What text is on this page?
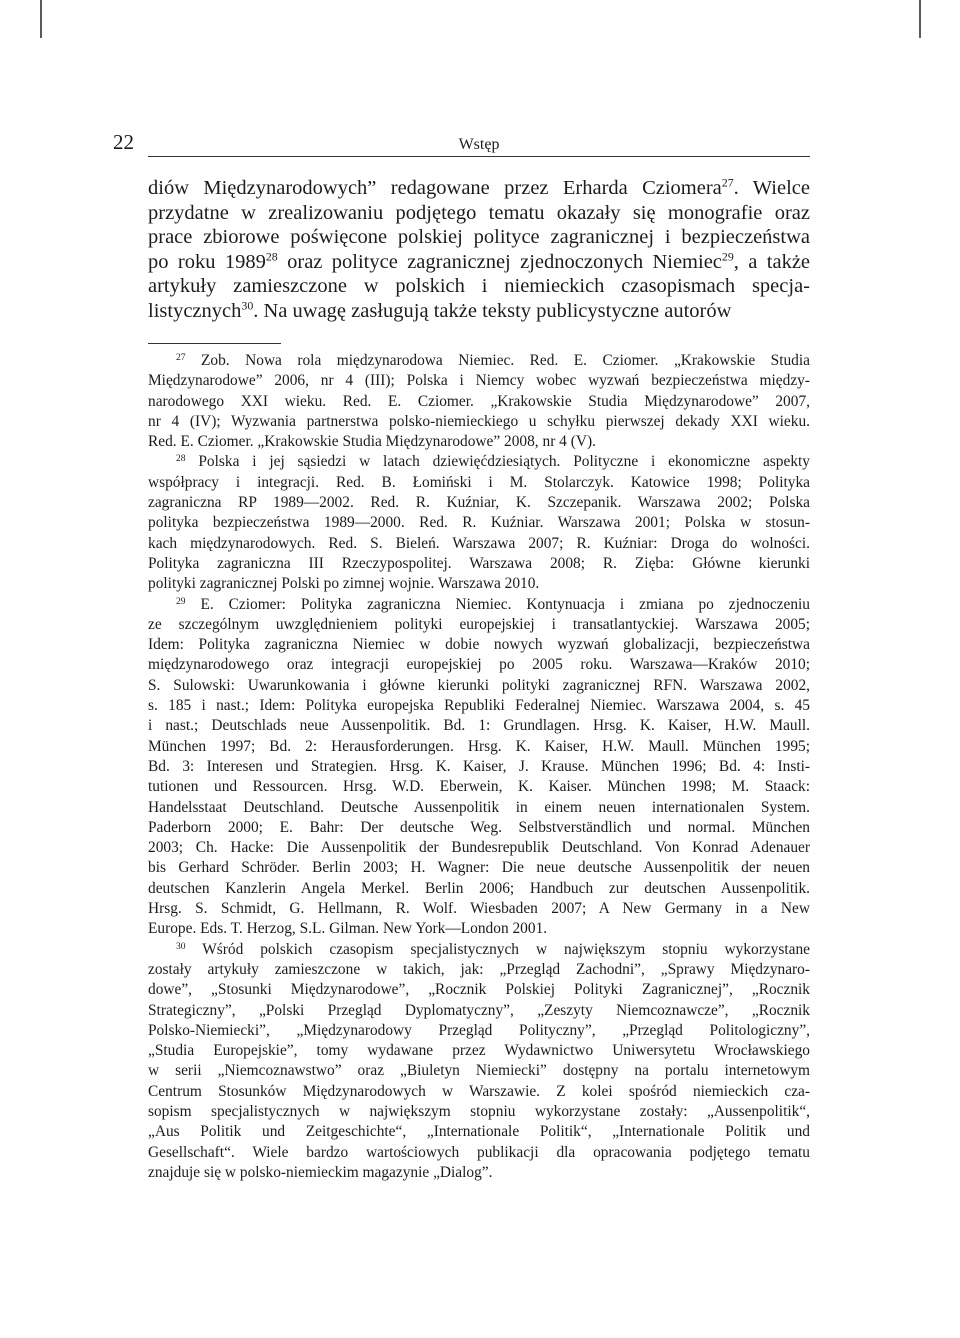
22	Wstęp
diów Międzynarodowych” redagowane przez Erharda Cziomera$^{27}$. Wielce
przydatne w zrealizowaniu podjętego tematu okazały się monografie oraz
prace zbiorowe poświęcone polskiej polityce zagranicznej i bezpieczeństwa
po roku 1989$^{28}$ oraz polityce zagranicznej zjednoczonych Niemiec$^{29}$, a także
artykuły zamieszczone w polskich i niemieckich czasopismach specja-
listycznych$^{30}$. Na uwagę zasługują także teksty publicystyczne autorów
$^{27}$ Zob. Nowa rola międzynarodowa Niemiec. Red. E. Cziomer. „Krakowskie Studia
Międzynarodowe” 2006, nr 4 (III); Polska i Niemcy wobec wyzwań bezpieczeństwa między-
narodowego XXI wieku. Red. E. Cziomer. „Krakowskie Studia Międzynarodowe” 2007,
nr 4 (IV); Wyzwania partnerstwa polsko-niemieckiego u schyłku pierwszej dekady XXI wieku.
Red. E. Cziomer. „Krakowskie Studia Międzynarodowe” 2008, nr 4 (V).
$^{28}$ Polska i jej sąsiedzi w latach dziewięćdziesiątych. Polityczne i ekonomiczne aspekty
współpracy i integracji. Red. B. Łomiński i M. Stolarczyk. Katowice 1998; Polityka
zagraniczna RP 1989—2002. Red. R. Kuźniar, K. Szczepanik. Warszawa 2002; Polska
polityka bezpieczeństwa 1989—2000. Red. R. Kuźniar. Warszawa 2001; Polska w stosun-
kach międzynarodowych. Red. S. Bieleń. Warszawa 2007; R. Kuźniar: Droga do wolności.
Polityka zagraniczna III Rzeczypospolitej. Warszawa 2008; R. Zięba: Główne kierunki
polityki zagranicznej Polski po zimnej wojnie. Warszawa 2010.
$^{29}$ E. Cziomer: Polityka zagraniczna Niemiec. Kontynuacja i zmiana po zjednoczeniu
ze szczególnym uwzględnieniem polityki europejskiej i transatlantyckiej. Warszawa 2005;
Idem: Polityka zagraniczna Niemiec w dobie nowych wyzwań globalizacji, bezpieczeństwa
międzynarodowego oraz integracji europejskiej po 2005 roku. Warszawa—Kraków 2010;
S. Sulowski: Uwarunkowania i główne kierunki polityki zagranicznej RFN. Warszawa 2002,
s. 185 i nast.; Idem: Polityka europejska Republiki Federalnej Niemiec. Warszawa 2004, s. 45
i nast.; Deutschlads neue Aussenpolitik. Bd. 1: Grundlagen. Hrsg. K. Kaiser, H.W. Maull.
München 1997; Bd. 2: Herausforderungen. Hrsg. K. Kaiser, H.W. Maull. München 1995;
Bd. 3: Interesen und Strategien. Hrsg. K. Kaiser, J. Krause. München 1996; Bd. 4: Insti-
tutionen und Ressourcen. Hrsg. W.D. Eberwein, K. Kaiser. München 1998; M. Staack:
Handelsstaat Deutschland. Deutsche Aussenpolitik in einem neuen internationalen System.
Paderborn 2000; E. Bahr: Der deutsche Weg. Selbstverständlich und normal. München
2003; Ch. Hacke: Die Aussenpolitik der Bundesrepublik Deutschland. Von Konrad Adenauer
bis Gerhard Schröder. Berlin 2003; H. Wagner: Die neue deutsche Aussenpolitik der neuen
deutschen Kanzlerin Angela Merkel. Berlin 2006; Handbuch zur deutschen Aussenpolitik.
Hrsg. S. Schmidt, G. Hellmann, R. Wolf. Wiesbaden 2007; A New Germany in a New
Europe. Eds. T. Herzog, S.L. Gilman. New York—London 2001.
$^{30}$ Wśród polskich czasopism specjalistycznych w największym stopniu wykorzystane
zostały artykuły zamieszczone w takich, jak: „Przegląd Zachodni”, „Sprawy Międzynaro-
dowe”, „Stosunki Międzynarodowe”, „Rocznik Polskiej Polityki Zagranicznej”, „Rocznik
Strategiczny”, „Polski Przegląd Dyplomatyczny”, „Zeszyty Niemcoznawcze”, „Rocznik
Polsko-Niemiecki”, „Międzynarodowy Przegląd Polityczny”, „Przegląd Politologiczny”,
„Studia Europejskie”, tomy wydawane przez Wydawnictwo Uniwersytetu Wrocławskiego
w serii „Niemcoznawstwo” oraz „Biuletyn Niemiecki” dostępny na portalu internetowym
Centrum Stosunków Międzynarodowych w Warszawie. Z kolei spośród niemieckich cza-
sopism specjalistycznych w największym stopniu wykorzystane zostały: „Aussenpolitik“,
„Aus Politik und Zeitgeschichte“, „Internationale Politik“, „Internationale Politik und
Gesellschaft“. Wiele bardzo wartościowych publikacji dla opracowania podjętego tematu
znajduje się w polsko-niemieckim magazynie „Dialog”.
